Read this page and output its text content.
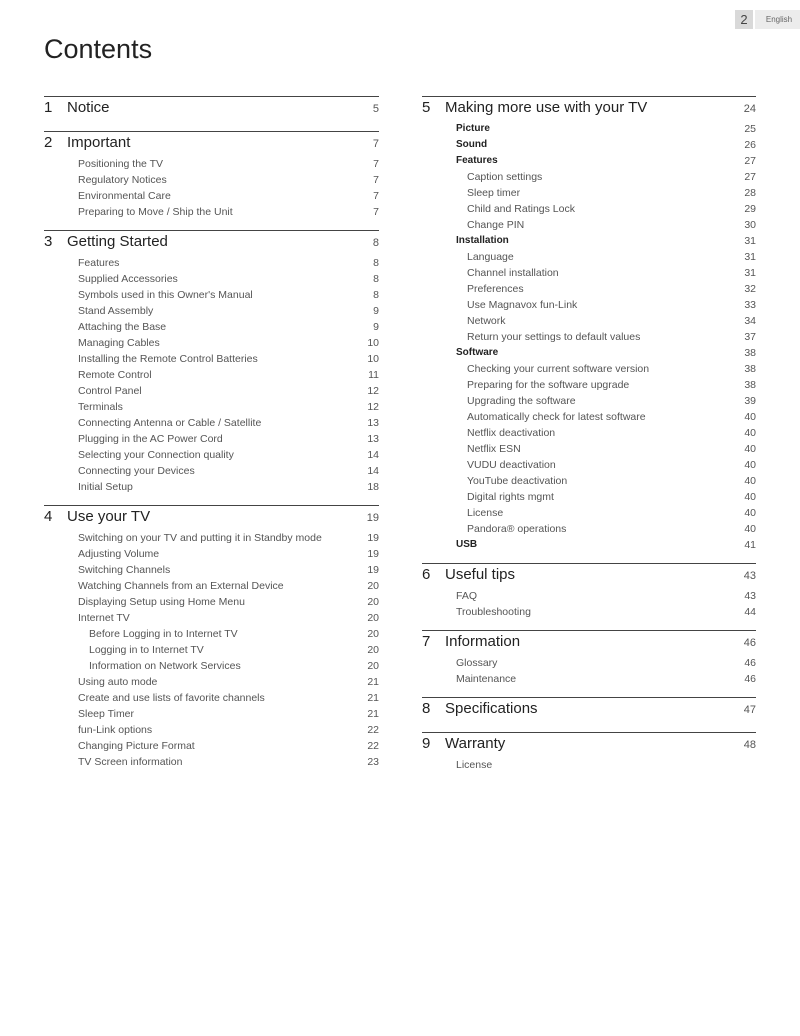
2	English
Contents
1 Notice	5
2 Important	7
Positioning the TV	7
Regulatory Notices	7
Environmental Care	7
Preparing to Move / Ship the Unit	7
3 Getting Started	8
Features	8
Supplied Accessories	8
Symbols used in this Owner's Manual	8
Stand Assembly	9
Attaching the Base	9
Managing Cables	10
Installing the Remote Control Batteries	10
Remote Control	11
Control Panel	12
Terminals	12
Connecting Antenna or Cable / Satellite	13
Plugging in the AC Power Cord	13
Selecting your Connection quality	14
Connecting your Devices	14
Initial Setup	18
4 Use your TV	19
Switching on your TV and putting it in Standby mode	19
Adjusting Volume	19
Switching Channels	19
Watching Channels from an External Device	20
Displaying Setup using Home Menu	20
Internet TV	20
Before Logging in to Internet TV	20
Logging in to Internet TV	20
Information on Network Services	20
Using auto mode	21
Create and use lists of favorite channels	21
Sleep Timer	21
fun-Link options	22
Changing Picture Format	22
TV Screen information	23
5 Making more use with your TV	24
Picture	25
Sound	26
Features	27
Caption settings	27
Sleep timer	28
Child and Ratings Lock	29
Change PIN	30
Installation	31
Language	31
Channel installation	31
Preferences	32
Use Magnavox fun-Link	33
Network	34
Return your settings to default values	37
Software	38
Checking your current software version	38
Preparing for the software upgrade	38
Upgrading the software	39
Automatically check for latest software	40
Netflix deactivation	40
Netflix ESN	40
VUDU deactivation	40
YouTube deactivation	40
Digital rights mgmt	40
License	40
Pandora® operations	40
USB	41
6 Useful tips	43
FAQ	43
Troubleshooting	44
7 Information	46
Glossary	46
Maintenance	46
8 Specifications	47
9 Warranty	48
License
